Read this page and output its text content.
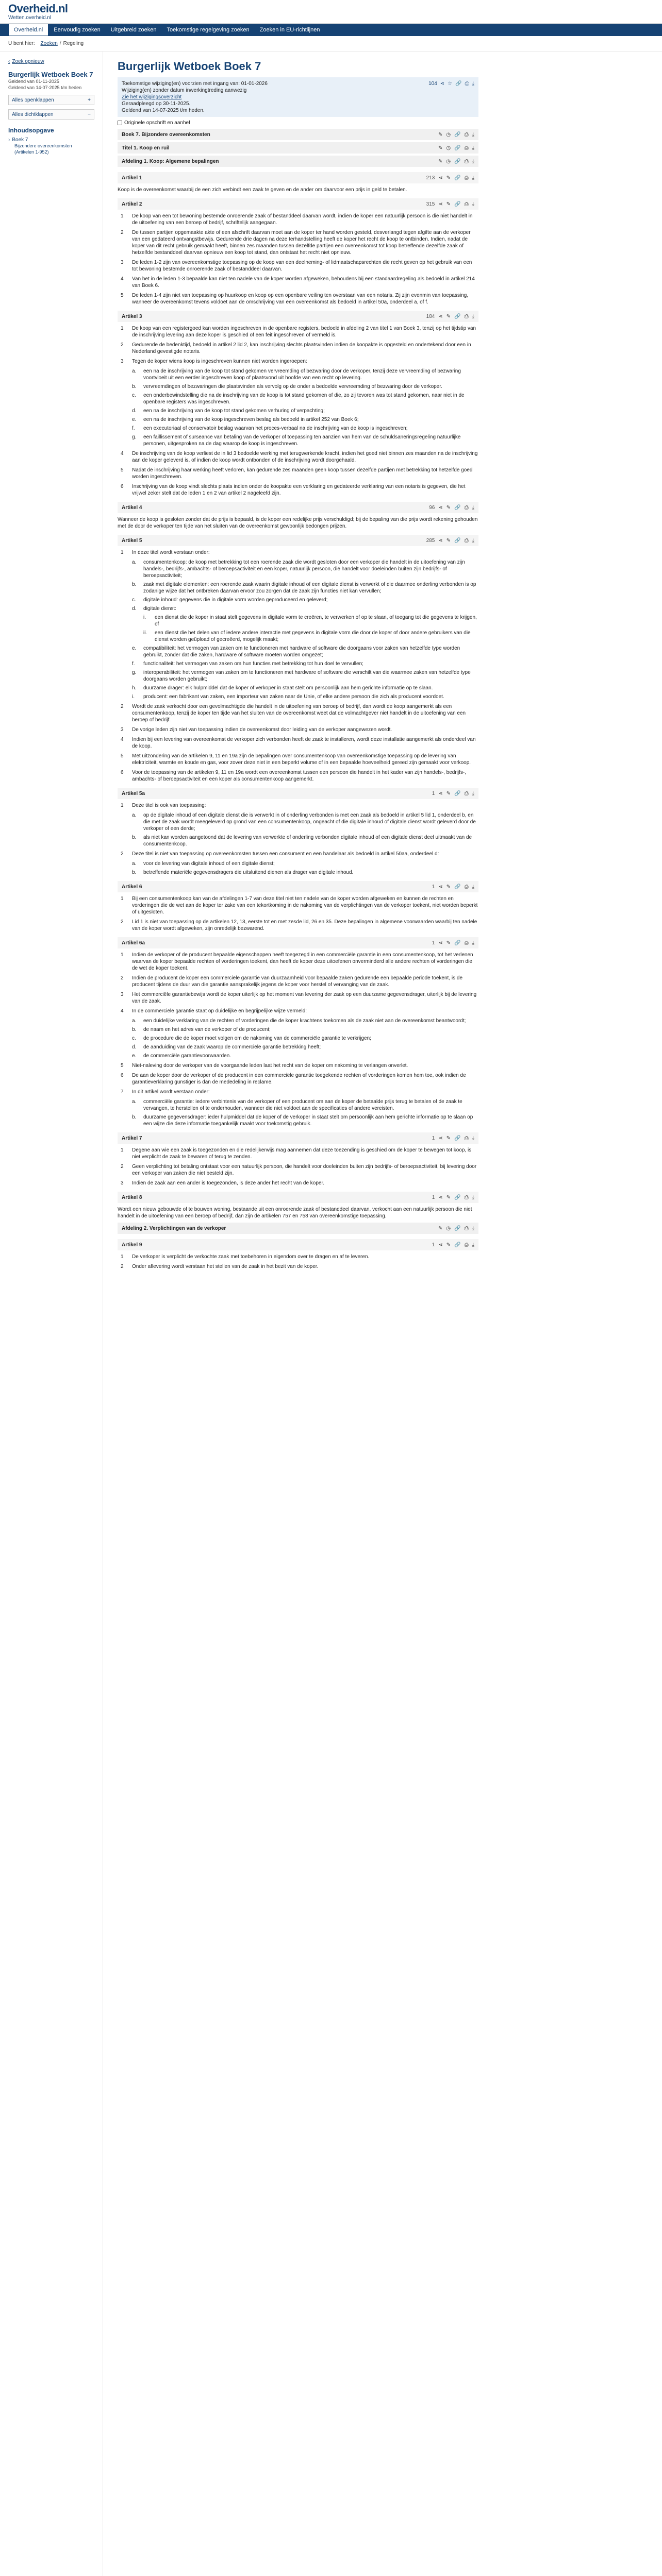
Overheid.nl
Wetten.overheid.nl
Overheid.nl	Eenvoudig zoeken	Uitgebreid zoeken	Toekomstige regelgeving zoeken	Zoeken in EU-richtlijnen
U bent hier:
Zoeken / Regeling
‹ Zoek opnieuw
Burgerlijk Wetboek Boek 7
Geldend van 01-11-2025
Geldend van 14-07-2025 t/m heden
Alles openklappen	+
Alles dichtklappen	−
Inhoudsopgave
› Boek 7
Bijzondere overeenkomsten
(Artikelen 1-952)
Burgerlijk Wetboek Boek 7
Toekomstige wijziging(en) voorzien met ingang van: 01-01-2026
Wijziging(en) zonder datum inwerkingtreding aanwezig
Zie het wijzigingsoverzicht
Geraadpleegd op 30-11-2025.
Geldend van 14-07-2025 t/m heden.
104 ⋖ ☆ 🔗 ⎙ ⤓
Originele opschrift en aanhef
Boek 7. Bijzondere overeenkomsten	✎ ◷ 🔗 ⎙ ⤓
Titel 1. Koop en ruil	✎ ◷ 🔗 ⎙ ⤓
Afdeling 1. Koop: Algemene bepalingen	✎ ◷ 🔗 ⎙ ⤓
Artikel 1	213 ⋖ ✎ 🔗 ⎙ ⤓
Koop is de overeenkomst waarbij de een zich verbindt een zaak te geven en de ander om daarvoor een prijs in geld te betalen.
Artikel 2	315 ⋖ ✎ 🔗 ⎙ ⤓
1	De koop van een tot bewoning bestemde onroerende zaak of bestanddeel daarvan wordt, indien de koper een natuurlijk persoon is die niet handelt in de uitoefening van een beroep of bedrijf, schriftelijk aangegaan.
2	De tussen partijen opgemaakte akte of een afschrift daarvan moet aan de koper ter hand worden gesteld, desverlangd tegen afgifte aan de verkoper van een gedateerd ontvangstbewijs. Gedurende drie dagen na deze terhandstelling heeft de koper het recht de koop te ontbinden. Indien, nadat de koper van dit recht gebruik gemaakt heeft, binnen zes maanden tussen dezelfde partijen een overeenkomst tot koop betreffende dezelfde zaak of hetzelfde bestanddeel daarvan opnieuw een koop tot stand, dan ontstaat het recht niet opnieuw.
3	De leden 1-2 zijn van overeenkomstige toepassing op de koop van een deelneming- of lidmaatschapsrechten die recht geven op het gebruik van een tot bewoning bestemde onroerende zaak of bestanddeel daarvan.
4	Van het in de leden 1-3 bepaalde kan niet ten nadele van de koper worden afgeweken, behoudens bij een standaardregeling als bedoeld in artikel 214 van Boek 6.
5	De leden 1-4 zijn niet van toepassing op huurkoop en koop op een openbare veiling ten overstaan van een notaris. Zij zijn evenmin van toepassing, wanneer de overeenkomst tevens voldoet aan de omschrijving van een overeenkomst als bedoeld in artikel 50a, onderdeel a, of f.
Artikel 3	184 ⋖ ✎ 🔗 ⎙ ⤓
1	De koop van een registergoed kan worden ingeschreven in de openbare registers, bedoeld in afdeling 2 van titel 1 van Boek 3, tenzij op het tijdstip van de inschrijving levering aan deze koper is geschied of een feit ingeschreven of vermeld is.
2	Gedurende de bedenktijd, bedoeld in artikel 2 lid 2, kan inschrijving slechts plaatsvinden indien de koopakte is opgesteld en ondertekend door een in Nederland gevestigde notaris.
3	Tegen de koper wiens koop is ingeschreven kunnen niet worden ingeroepen:
a.	een na de inschrijving van de koop tot stand gekomen vervreemding of bezwaring door de verkoper, tenzij deze vervreemding of bezwaring voortvloeit uit een eerder ingeschreven koop of plaatsvond uit hoofde van een recht op levering.
b.	vervreemdingen of bezwaringen die plaatsvinden als vervolg op de onder a bedoelde vervreemding of bezwaring door de verkoper.
c.	een onderbewindstelling die na de inschrijving van de koop is tot stand gekomen of die, zo zij tevoren was tot stand gekomen, naar niet in de openbare registers was ingeschreven.
d.	een na de inschrijving van de koop tot stand gekomen verhuring of verpachting;
e.	een na de inschrijving van de koop ingeschreven beslag als bedoeld in artikel 252 van Boek 6;
f.	een executoriaal of conservatoir beslag waarvan het proces-verbaal na de inschrijving van de koop is ingeschreven;
g.	een faillissement of surseance van betaling van de verkoper of toepassing ten aanzien van hem van de schuldsaneringsregeling natuurlijke personen, uitgesproken na de dag waarop de koop is ingeschreven.
4	De inschrijving van de koop verliest de in lid 3 bedoelde werking met terugwerkende kracht, indien het goed niet binnen zes maanden na de inschrijving aan de koper geleverd is, of indien de koop wordt ontbonden of de inschrijving wordt doorgehaald.
5	Nadat de inschrijving haar werking heeft verloren, kan gedurende zes maanden geen koop tussen dezelfde partijen met betrekking tot hetzelfde goed worden ingeschreven.
6	Inschrijving van de koop vindt slechts plaats indien onder de koopakte een verklaring en gedateerde verklaring van een notaris is gegeven, die het vrijwel zeker stelt dat de leden 1 en 2 van artikel 2 nageleefd zijn.
Artikel 4	96 ⋖ ✎ 🔗 ⎙ ⤓
Wanneer de koop is gesloten zonder dat de prijs is bepaald, is de koper een redelijke prijs verschuldigd; bij de bepaling van die prijs wordt rekening gehouden met de door de verkoper ten tijde van het sluiten van de overeenkomst gewoonlijk bedongen prijzen.
Artikel 5	285 ⋖ ✎ 🔗 ⎙ ⤓
1	In deze titel wordt verstaan onder:
a.	consumentenkoop: de koop met betrekking tot een roerende zaak die wordt gesloten door een verkoper die handelt in de uitoefening van zijn handels-, bedrijfs-, ambachts- of beroepsactiviteit en een koper, natuurlijk persoon, die handelt voor doeleinden buiten zijn bedrijfs- of beroepsactiviteit;
b.	zaak met digitale elementen: een roerende zaak waarin digitale inhoud of een digitale dienst is verwerkt of die daarmee onderling verbonden is op zodanige wijze dat het ontbreken daarvan ervoor zou zorgen dat de zaak zijn functies niet kan vervullen;
c.	digitale inhoud: gegevens die in digitale vorm worden geproduceerd en geleverd;
d.	digitale dienst:
i.	een dienst die de koper in staat stelt gegevens in digitale vorm te creëren, te verwerken of op te slaan, of toegang tot die gegevens te krijgen, of
ii.	een dienst die het delen van of iedere andere interactie met gegevens in digitale vorm die door de koper of door andere gebruikers van die dienst worden geüpload of gecreëerd, mogelijk maakt;
e.	compatibiliteit: het vermogen van zaken om te functioneren met hardware of software die doorgaans voor zaken van hetzelfde type worden gebruikt, zonder dat die zaken, hardware of software moeten worden omgezet;
f.	functionaliteit: het vermogen van zaken om hun functies met betrekking tot hun doel te vervullen;
g.	interoperabiliteit: het vermogen van zaken om te functioneren met hardware of software die verschilt van die waarmee zaken van hetzelfde type doorgaans worden gebruikt;
h.	duurzame drager: elk hulpmiddel dat de koper of verkoper in staat stelt om persoonlijk aan hem gerichte informatie op te slaan.
i.	producent: een fabrikant van zaken, een importeur van zaken naar de Unie, of elke andere persoon die zich als producent voordoet.
2	Wordt de zaak verkocht door een gevolmachtigde die handelt in de uitoefening van beroep of bedrijf, dan wordt de koop aangemerkt als een consumentenkoop, tenzij de koper ten tijde van het sluiten van de overeenkomst weet dat de volmachtgever niet handelt in de uitoefening van een beroep of bedrijf.
3	De vorige leden zijn niet van toepassing indien de overeenkomst door leiding van de verkoper aangewezen wordt.
4	Indien bij een levering van overeenkomst de verkoper zich verbonden heeft de zaak te installeren, wordt deze installatie aangemerkt als onderdeel van de koop.
5	Met uitzondering van de artikelen 9, 11 en 19a zijn de bepalingen over consumentenkoop van overeenkomstige toepassing op de levering van elektriciteit, warmte en koude en gas, voor zover deze niet in een beperkt volume of in een bepaalde hoeveelheid gereed zijn gemaakt voor verkoop.
6	Voor de toepassing van de artikelen 9, 11 en 19a wordt een overeenkomst tussen een persoon die handelt in het kader van zijn handels-, bedrijfs-, ambachts- of beroepsactiviteit en een koper als consumentenkoop aangemerkt.
Artikel 5a	1 ⋖ ✎ 🔗 ⎙ ⤓
1	Deze titel is ook van toepassing:
a.	op de digitale inhoud of een digitale dienst die is verwerkt in of onderling verbonden is met een zaak als bedoeld in artikel 5 lid 1, onderdeel b, en die met de zaak wordt meegeleverd op grond van een consumentenkoop, ongeacht of die digitale inhoud of digitale dienst wordt geleverd door de verkoper of een derde;
b.	als niet kan worden aangetoond dat de levering van verwerkte of onderling verbonden digitale inhoud of een digitale dienst deel uitmaakt van de consumentenkoop.
2	Deze titel is niet van toepassing op overeenkomsten tussen een consument en een handelaar als bedoeld in artikel 50aa, onderdeel d:
a.	voor de levering van digitale inhoud of een digitale dienst;
b.	betreffende materiële gegevensdragers die uitsluitend dienen als drager van digitale inhoud.
Artikel 6	1 ⋖ ✎ 🔗 ⎙ ⤓
1	Bij een consumentenkoop kan van de afdelingen 1-7 van deze titel niet ten nadele van de koper worden afgeweken en kunnen de rechten en vorderingen die de wet aan de koper ter zake van een tekortkoming in de nakoming van de verplichtingen van de verkoper toekent, niet worden beperkt of uitgesloten.
2	Lid 1 is niet van toepassing op de artikelen 12, 13, eerste tot en met zesde lid, 26 en 35. Deze bepalingen in algemene voorwaarden waarbij ten nadele van de koper wordt afgeweken, zijn onredelijk bezwarend.
Artikel 6a	1 ⋖ ✎ 🔗 ⎙ ⤓
1	Indien de verkoper of de producent bepaalde eigenschappen heeft toegezegd in een commerciële garantie in een consumentenkoop, tot het verlenen waarvan de koper bepaalde rechten of vorderingen toekent, dan heeft de koper deze uitoefenen onverminderd alle andere rechten of vorderingen die de wet de koper toekent.
2	Indien de producent de koper een commerciële garantie van duurzaamheid voor bepaalde zaken gedurende een bepaalde periode toekent, is de producent tijdens de duur van die garantie aansprakelijk jegens de koper voor herstel of vervanging van de zaak.
3	Het commerciële garantiebewijs wordt de koper uiterlijk op het moment van levering der zaak op een duurzame gegevensdrager, uiterlijk bij de levering van de zaak.
4	In de commerciële garantie staat op duidelijke en begrijpelijke wijze vermeld:
a.	een duidelijke verklaring van de rechten of vorderingen die de koper krachtens toekomen als de zaak niet aan de overeenkomst beantwoordt;
b.	de naam en het adres van de verkoper of de producent;
c.	de procedure die de koper moet volgen om de nakoming van de commerciële garantie te verkrijgen;
d.	de aanduiding van de zaak waarop de commerciële garantie betrekking heeft;
e.	de commerciële garantievoorwaarden.
5	Niet-naleving door de verkoper van de voorgaande leden laat het recht van de koper om nakoming te verlangen onverlet.
6	De aan de koper door de verkoper of de producent in een commerciële garantie toegekende rechten of vorderingen komen hem toe, ook indien de garantieverklaring gunstiger is dan de mededeling in reclame.
7	In dit artikel wordt verstaan onder:
a.	commerciële garantie: iedere verbintenis van de verkoper of een producent om aan de koper de betaalde prijs terug te betalen of de zaak te vervangen, te herstellen of te onderhouden, wanneer die niet voldoet aan de specificaties of andere vereisten.
b.	duurzame gegevensdrager: ieder hulpmiddel dat de koper of de verkoper in staat stelt om persoonlijk aan hem gerichte informatie op te slaan op een wijze die deze informatie toegankelijk maakt voor toekomstig gebruik.
Artikel 7	1 ⋖ ✎ 🔗 ⎙ ⤓
1	Degene aan wie een zaak is toegezonden en die redelijkerwijs mag aannemen dat deze toezending is geschied om de koper te bewegen tot koop, is niet verplicht de zaak te bewaren of terug te zenden.
2	Geen verplichting tot betaling ontstaat voor een natuurlijk persoon, die handelt voor doeleinden buiten zijn bedrijfs- of beroepsactiviteit, bij levering door een verkoper van zaken die niet besteld zijn.
3	Indien de zaak aan een ander is toegezonden, is deze ander het recht van de koper.
Artikel 8	1 ⋖ ✎ 🔗 ⎙ ⤓
Wordt een nieuw gebouwde of te bouwen woning, bestaande uit een onroerende zaak of bestanddeel daarvan, verkocht aan een natuurlijk persoon die niet handelt in de uitoefening van een beroep of bedrijf, dan zijn de artikelen 757 en 758 van overeenkomstige toepassing.
Afdeling 2. Verplichtingen van de verkoper	✎ ◷ 🔗 ⎙ ⤓
Artikel 9	1 ⋖ ✎ 🔗 ⎙ ⤓
1	De verkoper is verplicht de verkochte zaak met toebehoren in eigendom over te dragen en af te leveren.
2	Onder aflevering wordt verstaan het stellen van de zaak in het bezit van de koper.
